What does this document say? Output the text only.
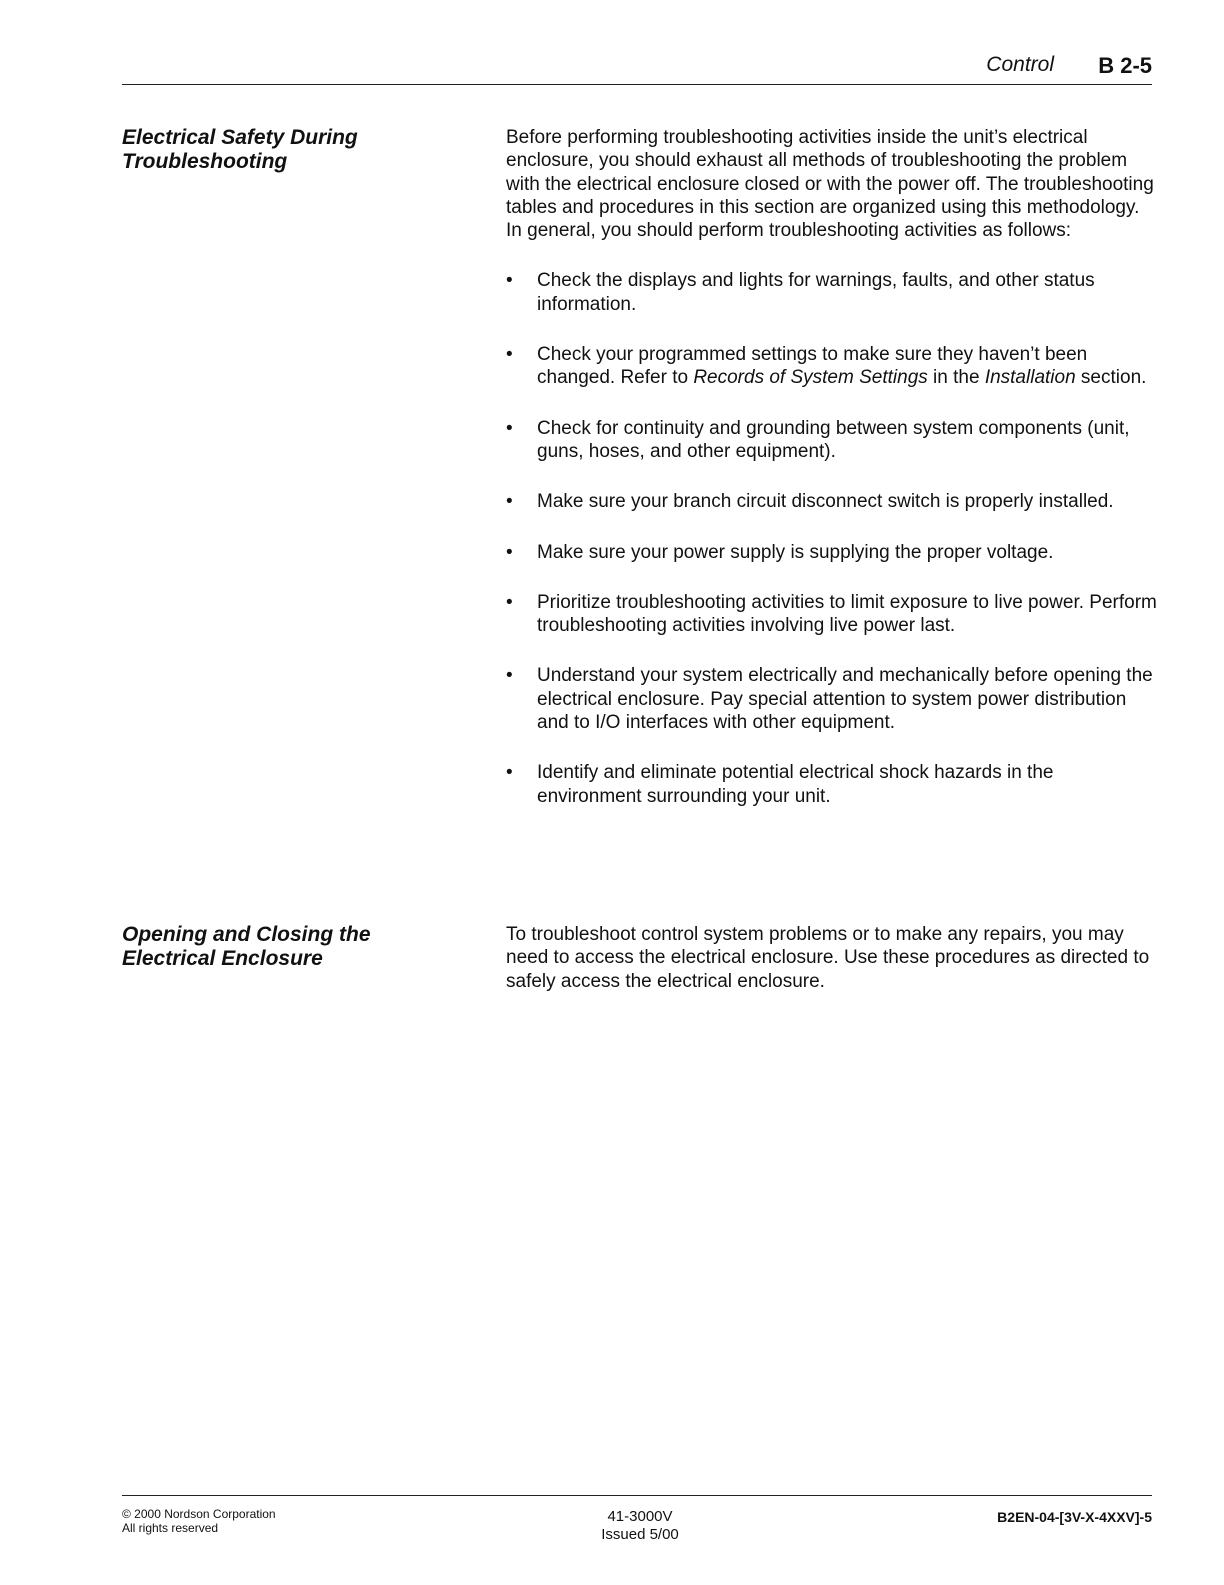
Control B 2-5
Electrical Safety During
Troubleshooting

Before performing troubleshooting activities inside the unit’s electrical enclosure, you should exhaust all methods of troubleshooting the problem with the electrical enclosure closed or with the power off. The troubleshooting tables and procedures in this section are organized using this methodology. In general, you should perform troubleshooting activities as follows:

• Check the displays and lights for warnings, faults, and other status information.
• Check your programmed settings to make sure they haven’t been changed. Refer to Records of System Settings in the Installation section.
• Check for continuity and grounding between system components (unit, guns, hoses, and other equipment).
• Make sure your branch circuit disconnect switch is properly installed.
• Make sure your power supply is supplying the proper voltage.
• Prioritize troubleshooting activities to limit exposure to live power. Perform troubleshooting activities involving live power last.
• Understand your system electrically and mechanically before opening the electrical enclosure. Pay special attention to system power distribution and to I/O interfaces with other equipment.
• Identify and eliminate potential electrical shock hazards in the environment surrounding your unit.
Opening and Closing the
Electrical Enclosure

To troubleshoot control system problems or to make any repairs, you may need to access the electrical enclosure. Use these procedures as directed to safely access the electrical enclosure.

© 2000 Nordson Corporation
All rights reserved
41-3000V
Issued 5/00
B2EN-04-[3V-X-4XXV]-5
